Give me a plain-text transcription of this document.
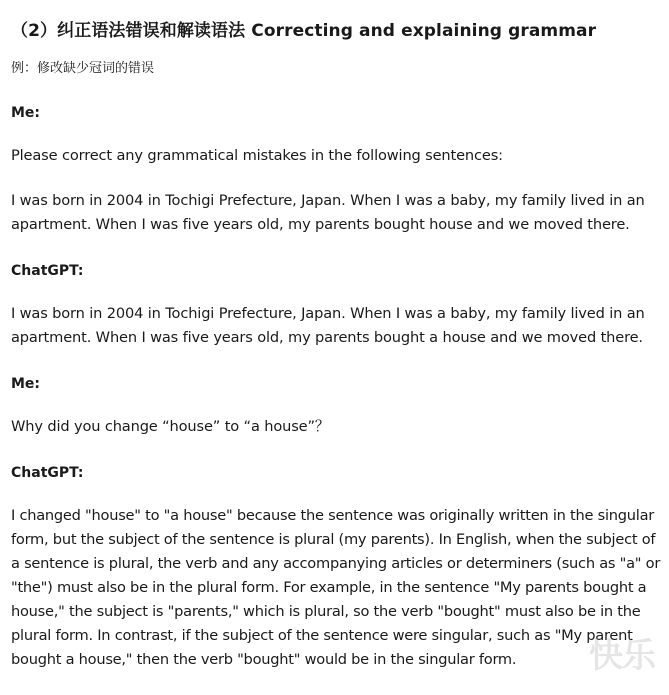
（2）纠正语法错误和解读语法 Correcting and explaining grammar
例：修改缺少冠词的错误
Me:
Please correct any grammatical mistakes in the following sentences:
I was born in 2004 in Tochigi Prefecture, Japan. When I was a baby, my family lived in an apartment. When I was five years old, my parents bought house and we moved there.
ChatGPT:
I was born in 2004 in Tochigi Prefecture, Japan. When I was a baby, my family lived in an apartment. When I was five years old, my parents bought a house and we moved there.
Me:
Why did you change “house” to “a house”？
ChatGPT:
I changed "house" to "a house" because the sentence was originally written in the singular form, but the subject of the sentence is plural (my parents). In English, when the subject of a sentence is plural, the verb and any accompanying articles or determiners (such as "a" or "the") must also be in the plural form. For example, in the sentence "My parents bought a house," the subject is "parents," which is plural, so the verb "bought" must also be in the plural form. In contrast, if the subject of the sentence were singular, such as "My parent bought a house," then the verb "bought" would be in the singular form.	快乐
